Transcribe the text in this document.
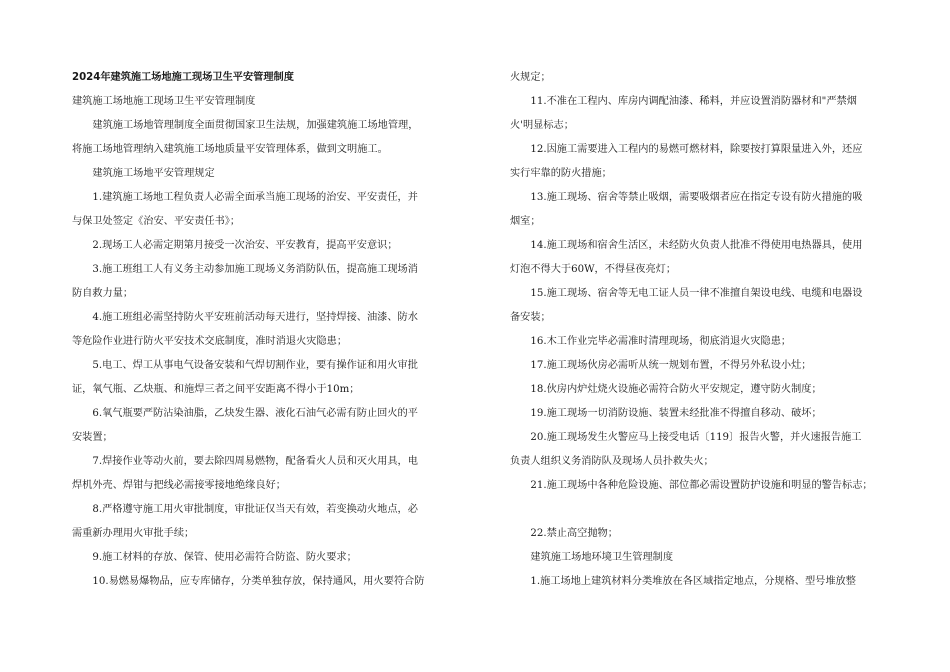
2024年建筑施工场地施工现场卫生平安管理制度

建筑施工场地施工现场卫生平安管理制度

建筑施工场地管理制度全面贯彻国家卫生法规，加强建筑施工场地管理，

将施工场地管理纳入建筑施工场地质量平安管理体系，做到文明施工。

建筑施工场地平安管理规定

1.建筑施工场地工程负责人必需全面承当施工现场的治安、平安责任，并

与保卫处签定《治安、平安责任书》；

2.现场工人必需定期第月接受一次治安、平安教育，提高平安意识；

3.施工班组工人有义务主动参加施工现场义务消防队伍，提高施工现场消

防自救力量；

4.施工班组必需坚持防火平安班前活动每天进行，坚持焊接、油漆、防水

等危险作业进行防火平安技术交底制度，准时消退火灾隐患；

5.电工、焊工从事电气设备安装和气焊切割作业，要有操作证和用火审批

证，氧气瓶、乙炔瓶、和施焊三者之间平安距离不得小于10m；

6.氧气瓶要严防沾染油脂，乙炔发生器、液化石油气必需有防止回火的平

安装置；

7.焊接作业等动火前，要去除四周易燃物，配备看火人员和灭火用具，电

焊机外壳、焊钳与把线必需接零接地绝缘良好；

8.严格遵守施工用火审批制度，审批证仅当天有效，若变换动火地点，必

需重新办理用火审批手续；

9.施工材料的存放、保管、使用必需符合防盗、防火要求；

10.易燃易爆物品，应专库储存，分类单独存放，保持通风，用火要符合防

火规定；

11.不准在工程内、库房内调配油漆、稀料，并应设置消防器材和"严禁烟

火'明显标志；

12.因施工需要进入工程内的易燃可燃材料，除要按打算限量进入外，还应

实行牢靠的防火措施；

13.施工现场、宿舍等禁止吸烟，需要吸烟者应在指定专设有防火措施的吸

烟室；

14.施工现场和宿舍生活区，未经防火负责人批准不得使用电热器具，使用

灯泡不得大于60W，不得昼夜亮灯；

15.施工现场、宿舍等无电工证人员一律不准擅自架设电线、电缆和电器设

备安装；

16.木工作业完毕必需准时清理现场，彻底消退火灾隐患；

17.施工现场伙房必需听从统一规划布置，不得另外私设小灶；

18.伙房内炉灶烧火设施必需符合防火平安规定，遵守防火制度；

19.施工现场一切消防设施、装置未经批准不得擅自移动、破坏；

20.施工现场发生火警应马上接受电话〔119〕报告火警，并火速报告施工

负责人组织义务消防队及现场人员扑救失火；

21.施工现场中各种危险设施、部位都必需设置防护设施和明显的警告标志；

22.禁止高空抛物；

建筑施工场地环境卫生管理制度

1.施工场地上建筑材料分类堆放在各区域指定地点，分规格、型号堆放整
